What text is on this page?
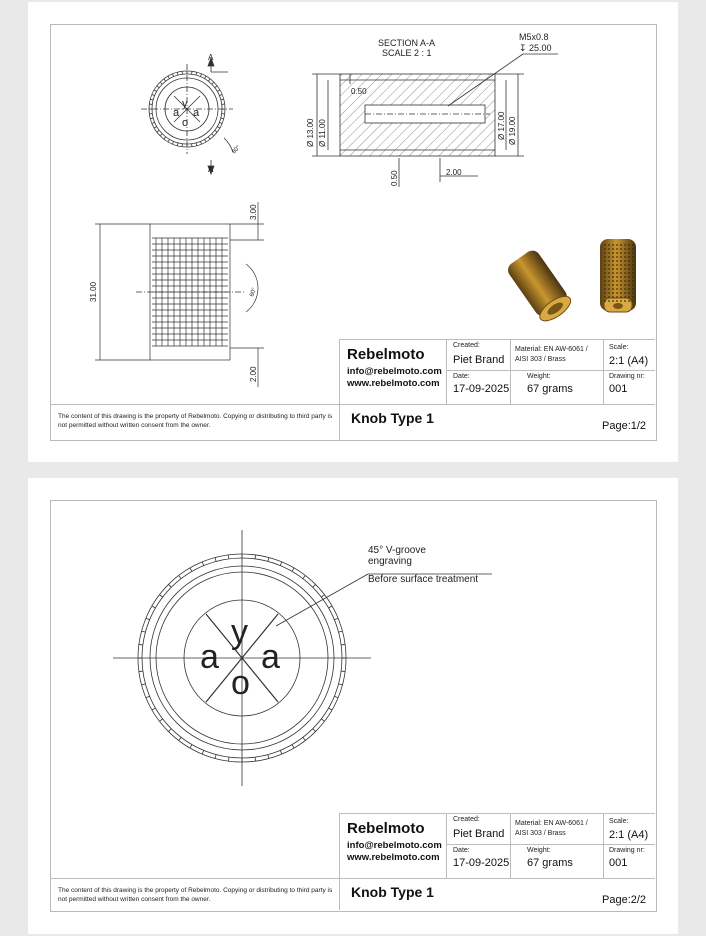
A
A
60°
y
a a
o
SECTION A-A
SCALE 2 : 1
M5x0.8
↧ 25.00
0.50
Ø 13.00 Ø 11.00	Ø 17.00 Ø 19.00
0.50	2.00
31.00
3.00
2.00
60°
Rebelmoto
info@rebelmoto.com
www.rebelmoto.com
Created:
Piet Brand
Date:
17-09-2025
Material: EN AW-6061 /
AISI 303 / Brass
Weight:
67 grams
Scale:
2:1 (A4)
Drawing nr:
001
Knob Type 1	Page:1/2
The content of this drawing is the property of Rebelmoto. Copying or distributing to third party is not permitted without written consent from the owner.
y
a a
o
45° V-groove
engraving
Before surface treatment
Rebelmoto
info@rebelmoto.com
www.rebelmoto.com
Created:
Piet Brand
Date:
17-09-2025
Material: EN AW-6061 /
AISI 303 / Brass
Weight:
67 grams
Scale:
2:1 (A4)
Drawing nr:
001
Knob Type 1	Page:2/2
The content of this drawing is the property of Rebelmoto. Copying or distributing to third party is not permitted without written consent from the owner.
